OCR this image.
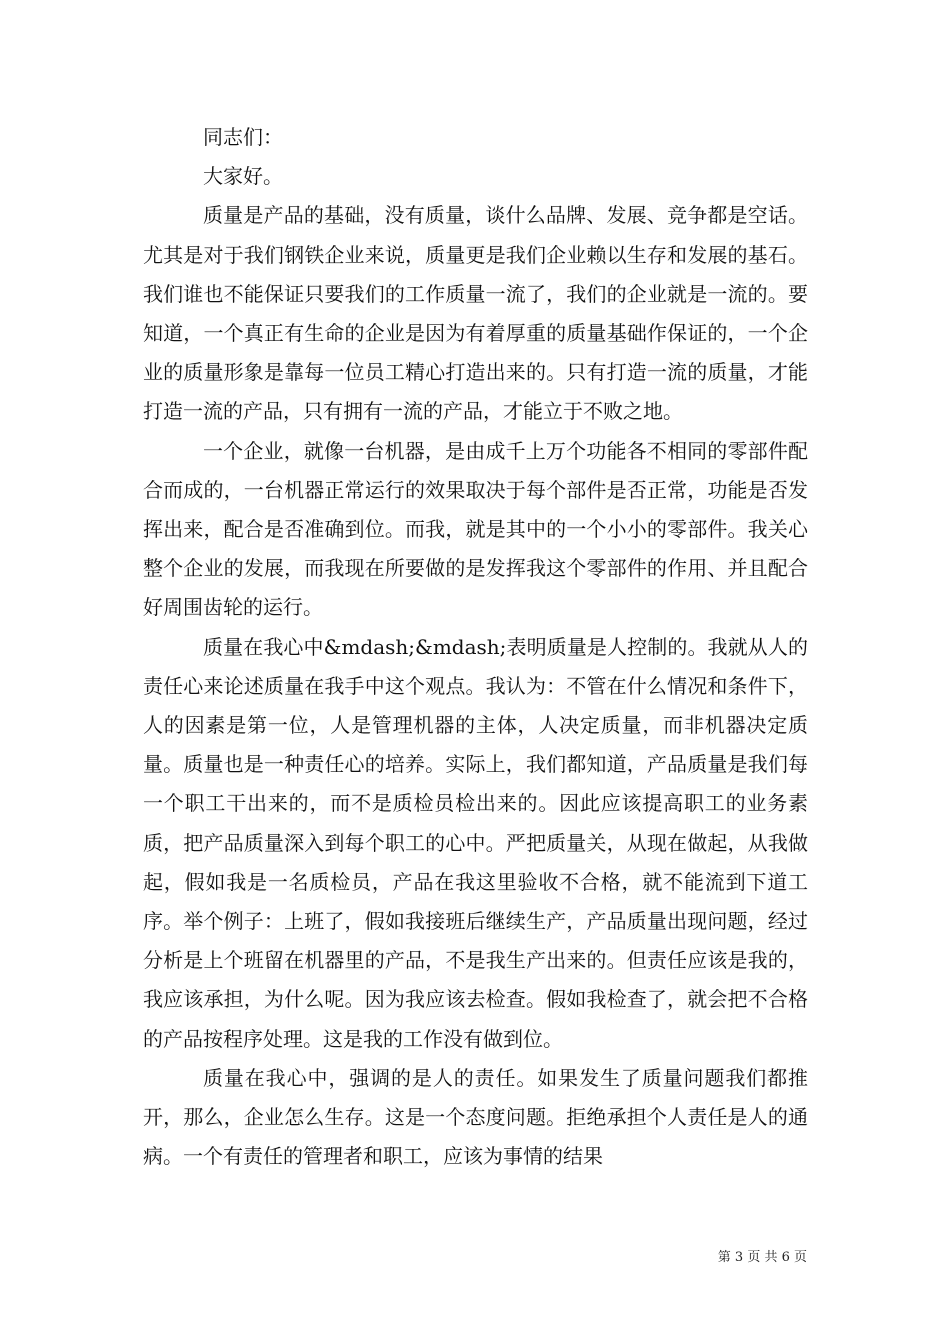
同志们：

大家好。

质量是产品的基础，没有质量，谈什么品牌、发展、竞争都是空话。尤其是对于我们钢铁企业来说，质量更是我们企业赖以生存和发展的基石。我们谁也不能保证只要我们的工作质量一流了，我们的企业就是一流的。要知道，一个真正有生命的企业是因为有着厚重的质量基础作保证的，一个企业的质量形象是靠每一位员工精心打造出来的。只有打造一流的质量，才能打造一流的产品，只有拥有一流的产品，才能立于不败之地。

一个企业，就像一台机器，是由成千上万个功能各不相同的零部件配合而成的，一台机器正常运行的效果取决于每个部件是否正常，功能是否发挥出来，配合是否准确到位。而我，就是其中的一个小小的零部件。我关心整个企业的发展，而我现在所要做的是发挥我这个零部件的作用、并且配合好周围齿轮的运行。

质量在我心中&mdash;&mdash;表明质量是人控制的。我就从人的责任心来论述质量在我手中这个观点。我认为：不管在什么情况和条件下，人的因素是第一位，人是管理机器的主体，人决定质量，而非机器决定质量。质量也是一种责任心的培养。实际上，我们都知道，产品质量是我们每一个职工干出来的，而不是质检员检出来的。因此应该提高职工的业务素质，把产品质量深入到每个职工的心中。严把质量关，从现在做起，从我做起，假如我是一名质检员，产品在我这里验收不合格，就不能流到下道工序。举个例子：上班了，假如我接班后继续生产，产品质量出现问题，经过分析是上个班留在机器里的产品，不是我生产出来的。但责任应该是我的，我应该承担，为什么呢。因为我应该去检查。假如我检查了，就会把不合格的产品按程序处理。这是我的工作没有做到位。

质量在我心中，强调的是人的责任。如果发生了质量问题我们都推开，那么，企业怎么生存。这是一个态度问题。拒绝承担个人责任是人的通病。一个有责任的管理者和职工，应该为事情的结果

第 3 页 共 6 页
